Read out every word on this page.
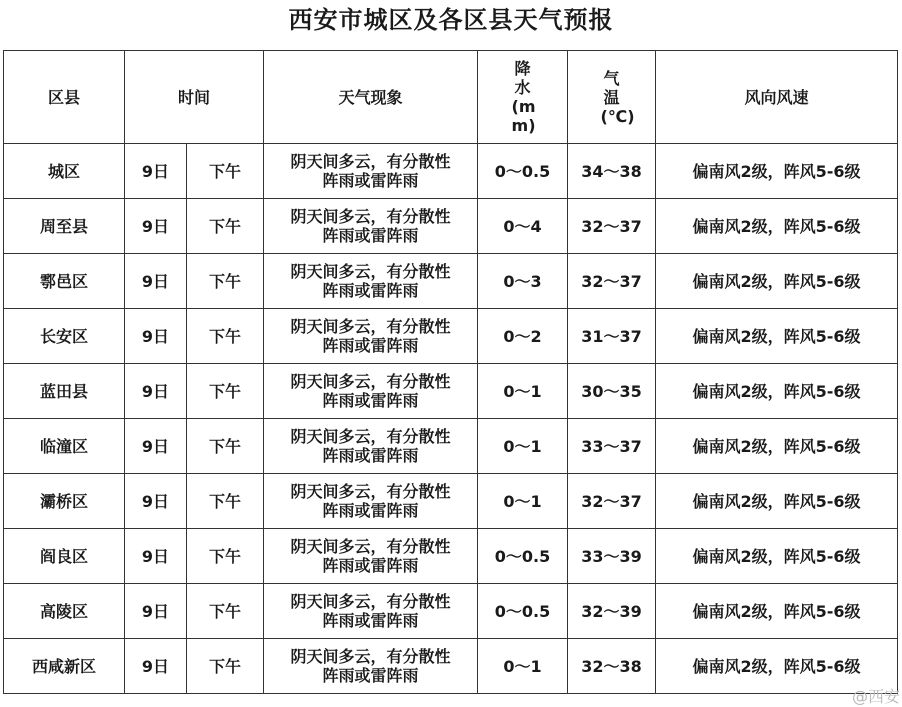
西安市城区及各区县天气预报
区县	时间		天气现象	降水(mm)	气温(℃)	风向风速
城区	9日	下午	阴天间多云，有分散性阵雨或雷阵雨	0～0.5	34～38	偏南风2级，阵风5-6级
周至县	9日	下午	阴天间多云，有分散性阵雨或雷阵雨	0～4	32～37	偏南风2级，阵风5-6级
鄠邑区	9日	下午	阴天间多云，有分散性阵雨或雷阵雨	0～3	32～37	偏南风2级，阵风5-6级
长安区	9日	下午	阴天间多云，有分散性阵雨或雷阵雨	0～2	31～37	偏南风2级，阵风5-6级
蓝田县	9日	下午	阴天间多云，有分散性阵雨或雷阵雨	0～1	30～35	偏南风2级，阵风5-6级
临潼区	9日	下午	阴天间多云，有分散性阵雨或雷阵雨	0～1	33～37	偏南风2级，阵风5-6级
灞桥区	9日	下午	阴天间多云，有分散性阵雨或雷阵雨	0～1	32～37	偏南风2级，阵风5-6级
阎良区	9日	下午	阴天间多云，有分散性阵雨或雷阵雨	0～0.5	33～39	偏南风2级，阵风5-6级
高陵区	9日	下午	阴天间多云，有分散性阵雨或雷阵雨	0～0.5	32～39	偏南风2级，阵风5-6级
西咸新区	9日	下午	阴天间多云，有分散性阵雨或雷阵雨	0～1	32～38	偏南风2级，阵风5-6级
@西安
